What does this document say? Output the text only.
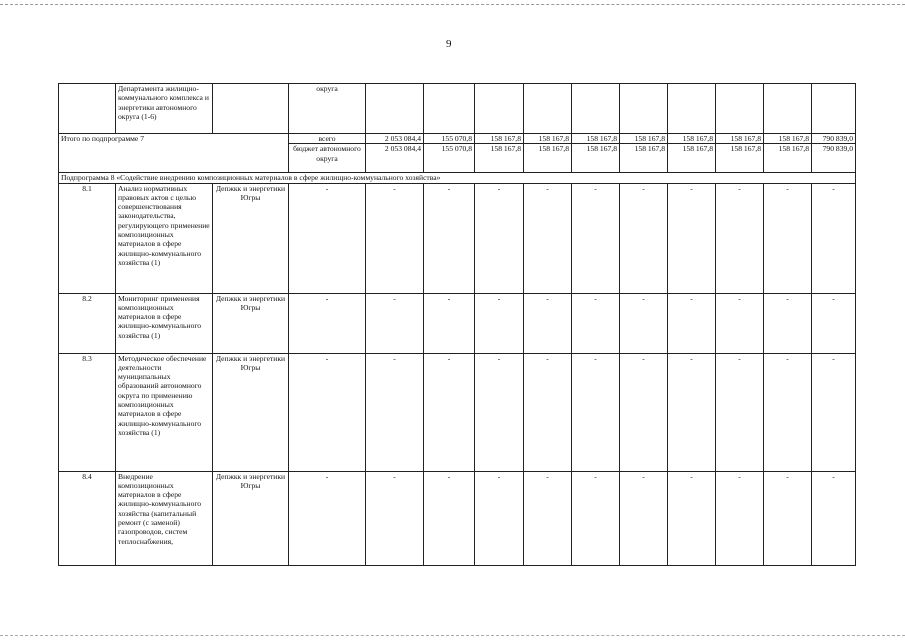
9
	Департамента жилищно-коммунального комплекса и энергетики автономного округа (1-6)		округа										
Итого по подпрограмме 7			всего	2 053 084,4	155 070,8	158 167,8	158 167,8	158 167,8	158 167,8	158 167,8	158 167,8	158 167,8	790 839,0
			бюджет автономного округа	2 053 084,4	155 070,8	158 167,8	158 167,8	158 167,8	158 167,8	158 167,8	158 167,8	158 167,8	790 839,0
Подпрограмма 8 «Содействие внедрению композиционных материалов в сфере жилищно-коммунального хозяйства»													
8.1	Анализ нормативных правовых актов с целью совершенствования законодательства, регулирующего применение композиционных материалов в сфере жилищно-коммунального хозяйства (1)	Депжкк и энергетики Югры	-	-	-	-	-	-	-	-	-	-	-
8.2	Мониторинг применения композиционных материалов в сфере жилищно-коммунального хозяйства (1)	Депжкк и энергетики Югры	-	-	-	-	-	-	-	-	-	-	-
8.3	Методическое обеспечение деятельности муниципальных образований автономного округа по применению композиционных материалов в сфере жилищно-коммунального хозяйства (1)	Депжкк и энергетики Югры	-	-	-	-	-	-	-	-	-	-	-
8.4	Внедрение композиционных материалов в сфере жилищно-коммунального хозяйства (капитальный ремонт (с заменой) газопроводов, систем теплоснабжения,	Депжкк и энергетики Югры	-	-	-	-	-	-	-	-	-	-	-
